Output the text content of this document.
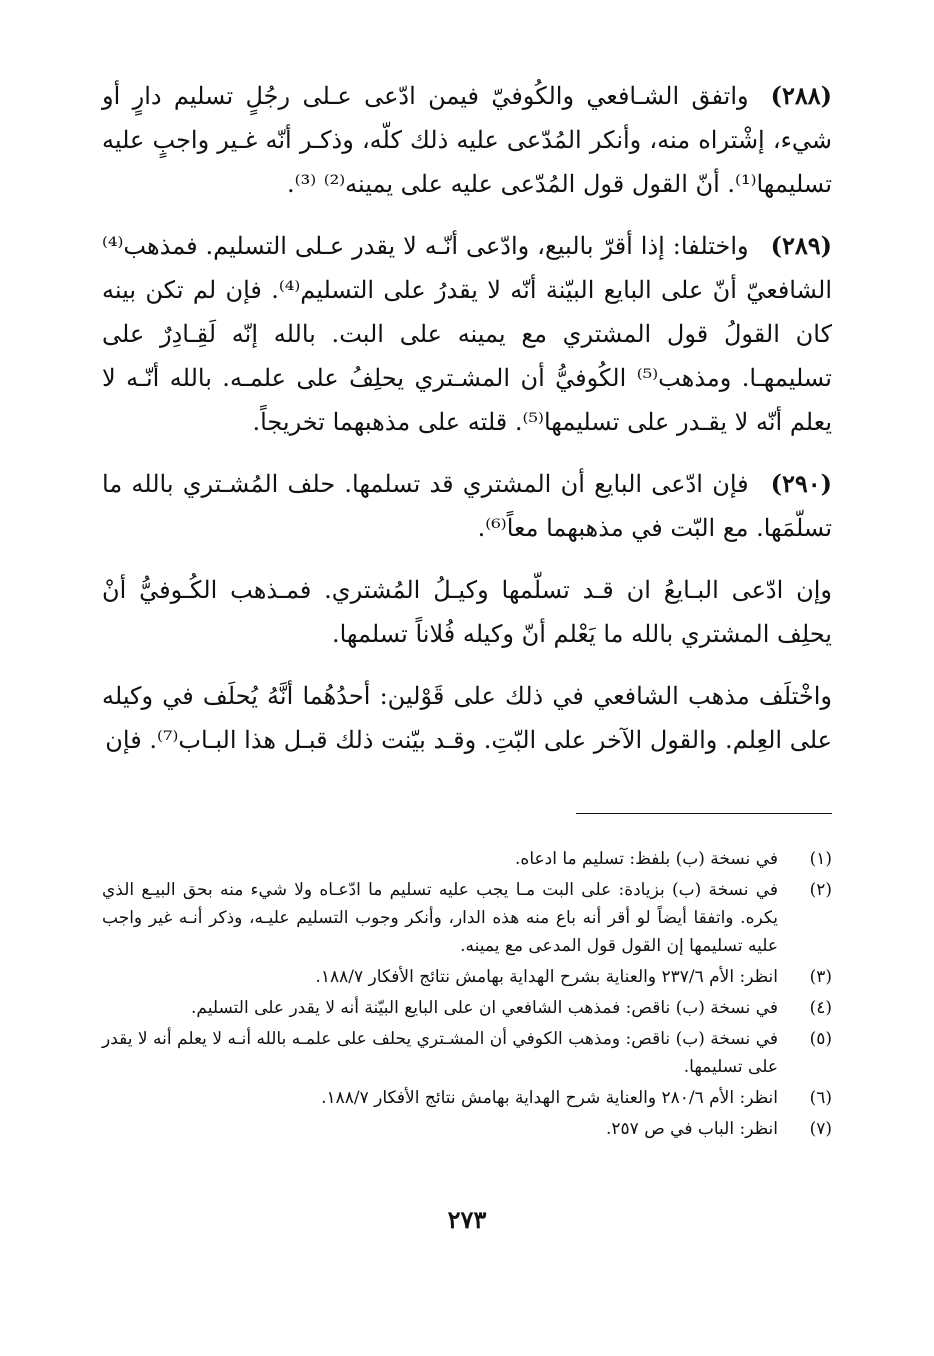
(٢٨٨)واتفق الشـافعي والكُوفيّ فيمن ادّعى عـلى رجُلٍ تسليم دارٍ أو شيء، إشْتراه منه، وأنكر المُدّعى عليه ذلك كلّه، وذكـر أنّه غـير واجبٍ عليه تسليمها⁽¹⁾. أنّ القول قول المُدّعى عليه على يمينه⁽²⁾ ⁽³⁾.

(٢٨٩)واختلفا: إذا أقرّ بالبيع، وادّعى أنّـه لا يقدر عـلى التسليم. فمذهب⁽⁴⁾ الشافعيّ أنّ على البايع البيّنة أنّه لا يقدرُ على التسليم⁽⁴⁾. فإن لم تكن بينه كان القولُ قول المشتري مع يمينه على البت. بالله إنّه لَقِـادِرٌ على تسليمهـا. ومذهب⁽⁵⁾ الكُوفيُّ أن المشـتري يحلِفُ على علمـه. بالله أنّـه لا يعلم أنّه لا يقـدر على تسليمها⁽⁵⁾. قلته على مذهبهما تخريجاً.

(٢٩٠)فإن ادّعى البايع أن المشتري قد تسلمها. حلف المُشـتري بالله ما تسلّمَها. مع البّت في مذهبهما معاً⁽⁶⁾.

وإن ادّعى البـايعُ ان قـد تسلّمها وكيـلُ المُشتري. فمـذهب الكُـوفيُّ أنْ يحلِف المشتري بالله ما يَعْلم أنّ وكيله فُلاناً تسلمها.

واخْتلَف مذهب الشافعي في ذلك على قَوْلين: أحدُهُما أنَّهُ يُحلَف في وكيله على العِلم. والقول الآخر على البّتِ. وقـد بيّنت ذلك قبـل هذا البـاب⁽⁷⁾. فإن

(١)
في نسخة (ب) بلفظ: تسليم ما ادعاه.
(٢)
في نسخة (ب) بزيادة: على البت مـا يجب عليه تسليم ما ادّعـاه ولا شيء منه بحق البيـع الذي يكره. واتفقا أيضاً لو أقر أنه باع منه هذه الدار، وأنكر وجوب التسليم عليـه، وذكر أنـه غير واجب عليه تسليمها إن القول قول المدعى مع يمينه.
(٣)
انظر: الأم ٢٣٧/٦ والعناية بشرح الهداية بهامش نتائج الأفكار ١٨٨/٧.
(٤)
في نسخة (ب) ناقص: فمذهب الشافعي ان على البايع البيّنة أنه لا يقدر على التسليم.
(٥)
في نسخة (ب) ناقص: ومذهب الكوفي أن المشـتري يحلف على علمـه بالله أنـه لا يعلم أنه لا يقدر على تسليمها.
(٦)
انظر: الأم ٢٨٠/٦ والعناية شرح الهداية بهامش نتائج الأفكار ١٨٨/٧.
(٧)
انظر: الباب في ص ٢٥٧.
٢٧٣
